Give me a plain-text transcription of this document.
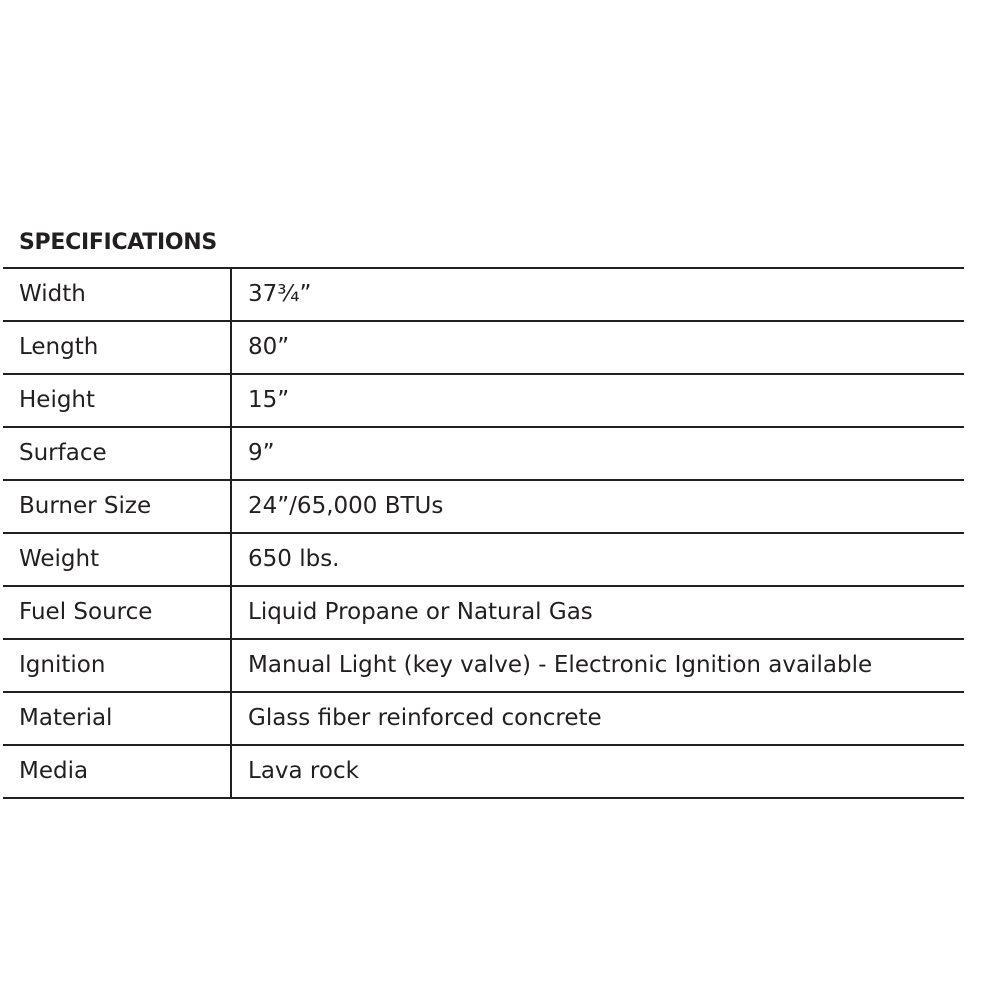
SPECIFICATIONS
Width	37¾”
Length	80”
Height	15”
Surface	9”
Burner Size	24”/65,000 BTUs
Weight	650 lbs.
Fuel Source	Liquid Propane or Natural Gas
Ignition	Manual Light (key valve) - Electronic Ignition available
Material	Glass fiber reinforced concrete
Media	Lava rock
